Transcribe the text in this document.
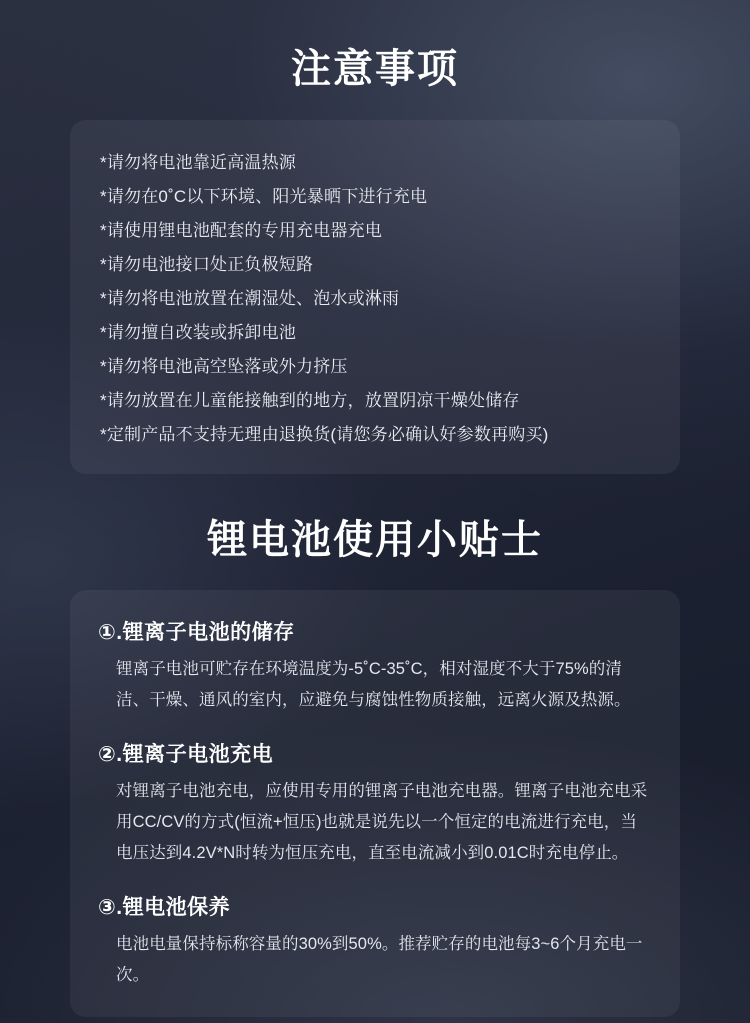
注意事项
*请勿将电池靠近高温热源
*请勿在0˚C以下环境、阳光暴晒下进行充电
*请使用锂电池配套的专用充电器充电
*请勿电池接口处正负极短路
*请勿将电池放置在潮湿处、泡水或淋雨
*请勿擅自改装或拆卸电池
*请勿将电池高空坠落或外力挤压
*请勿放置在儿童能接触到的地方，放置阴凉干燥处储存
*定制产品不支持无理由退换货(请您务必确认好参数再购买)
锂电池使用小贴士
①.锂离子电池的储存

锂离子电池可贮存在环境温度为-5˚C-35˚C，相对湿度不大于75%的清洁、干燥、通风的室内，应避免与腐蚀性物质接触，远离火源及热源。

②.锂离子电池充电

对锂离子电池充电，应使用专用的锂离子电池充电器。锂离子电池充电采用CC/CV的方式(恒流+恒压)也就是说先以一个恒定的电流进行充电，当电压达到4.2V*N时转为恒压充电，直至电流减小到0.01C时充电停止。

③.锂电池保养

电池电量保持标称容量的30%到50%。推荐贮存的电池每3~6个月充电一次。
